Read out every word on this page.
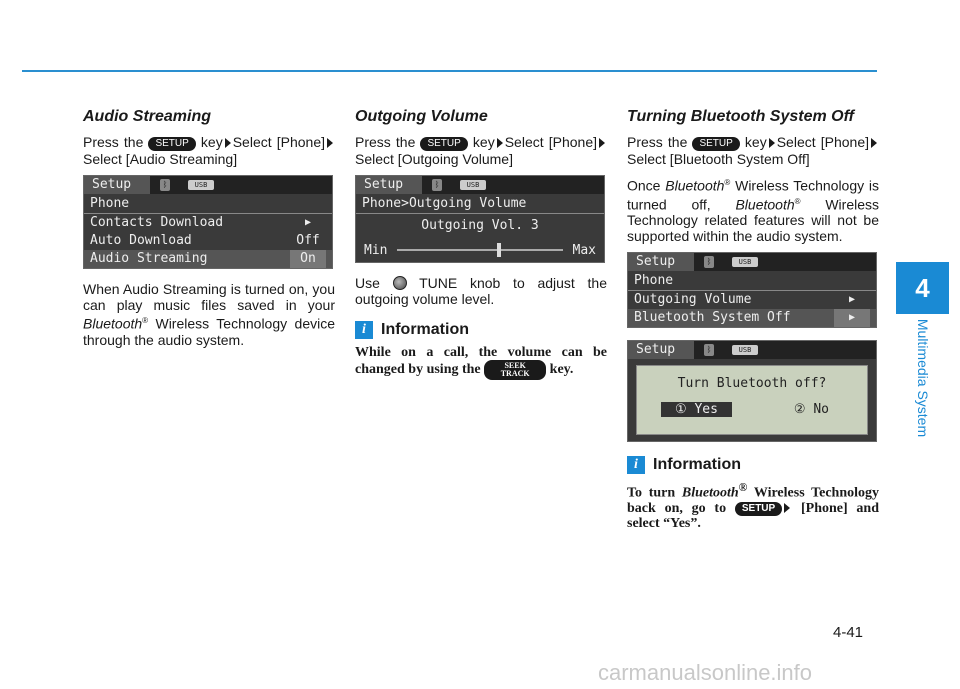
4
Multimedia System
Audio Streaming

Press the SETUP key Select [Phone]Select [Audio Streaming]

Setup	ᛒ	USB
Phone
Contacts Download	▶
Auto Download	Off
Audio Streaming	On

When Audio Streaming is turned on, you can play music files saved in your Bluetooth® Wireless Technology device through the audio system.

Outgoing Volume

Press the SETUP key Select [Phone]Select [Outgoing Volume]

Setup	ᛒ	USB
Phone>Outgoing Volume
Outgoing Vol. 3
Min	Max

Use	TUNE knob to adjust the outgoing volume level.

i Information

While on a call, the volume can be changed by using the	SEEK
TRACK key.

Turning Bluetooth System Off

Press the SETUP key Select [Phone]Select [Bluetooth System Off]

Once Bluetooth® Wireless Technology is turned off, Bluetooth® Wireless Technology related features will not be supported within the audio system.

Setup	ᛒ	USB
Phone
Outgoing Volume	▶
Bluetooth System Off	▶
Setup	ᛒ	USB
Turn Bluetooth off?
① Yes	② No
i Information

To turn Bluetooth® Wireless Technology back on, go to SETUP [Phone] and select “Yes”.

4-41
carmanualsonline.info
